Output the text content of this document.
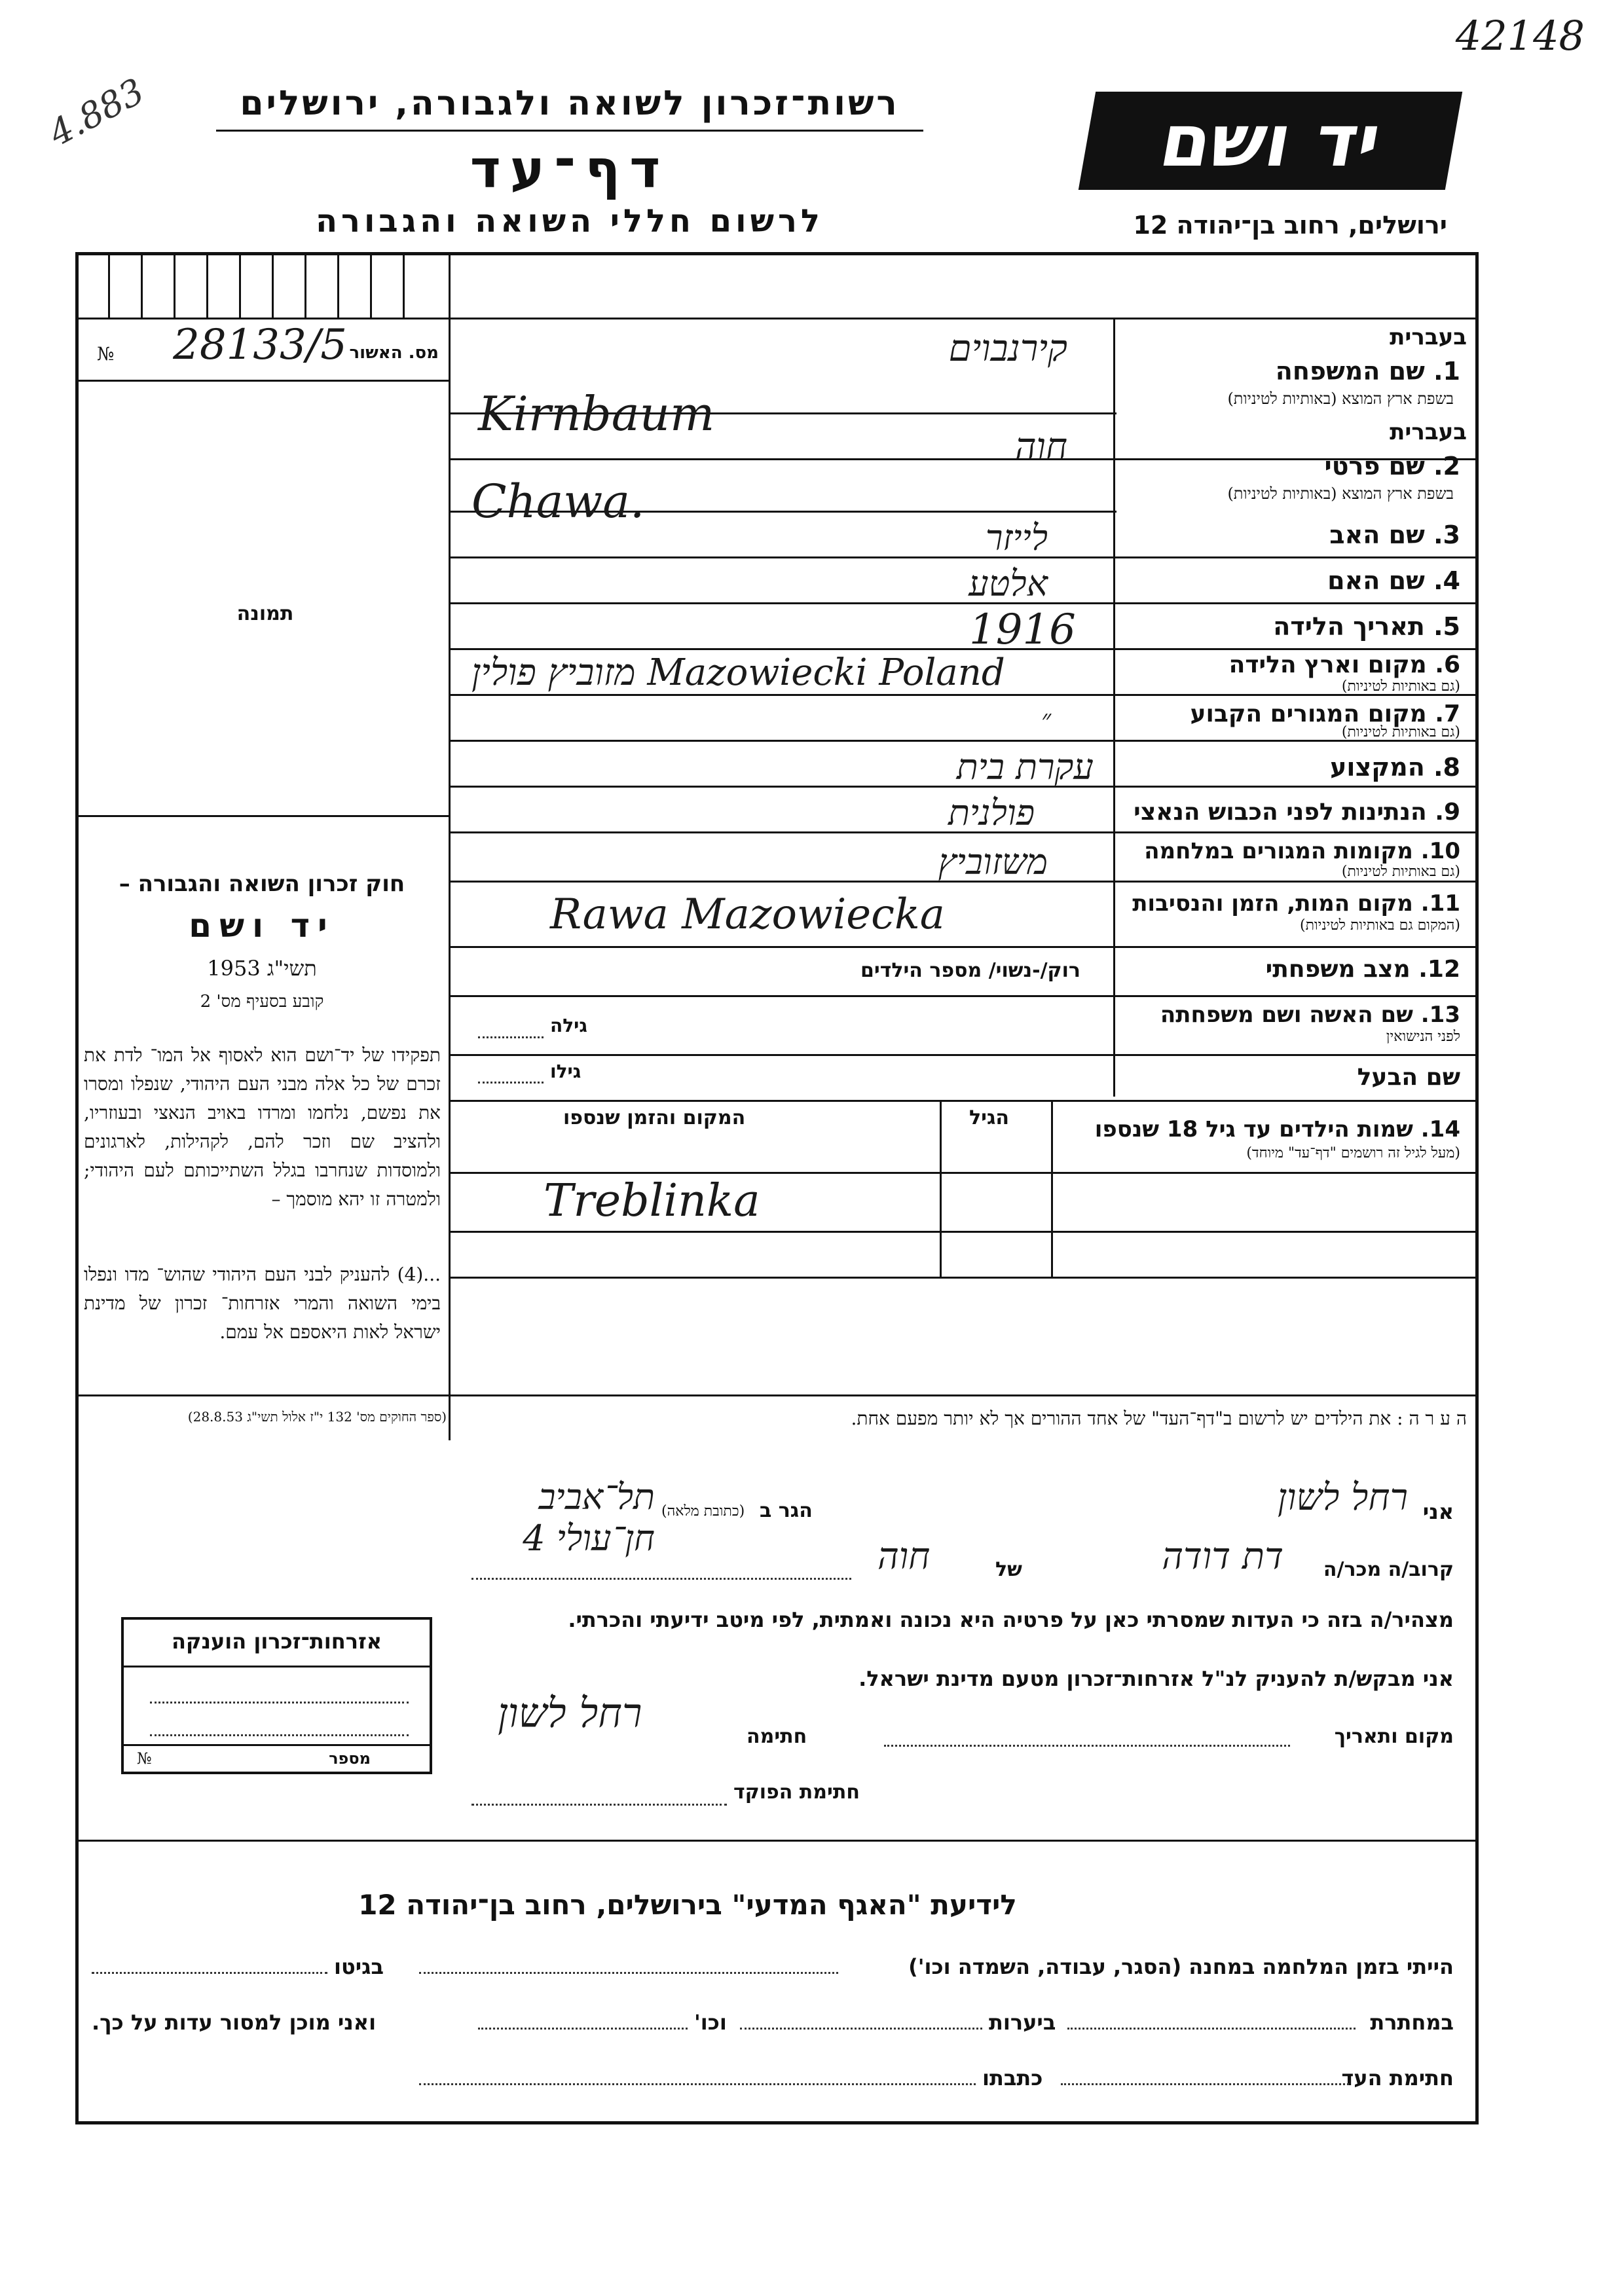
42148
4.883	רשות־זכרון לשואה ולגבורה, ירושלים
דף־עד
לרשום חללי השואה והגבורה
יד ושם
ירושלים, רחוב בן־יהודה 12
מס. האשור
28133/5
№
תמונה
חוק זכרון השואה והגבורה –
יד ושם
תשי"ג 1953
קובע בסעיף מס' 2
תפקידו של יד־ושם הוא לאסוף אל המו־ לדת את זכרם של כל אלה מבני העם היהודי, שנפלו ומסרו את נפשם, נלחמו ומרדו באויב הנאצי ובעוזריו, ולהציב שם וזכר להם, לקהילות, לארגונים ולמוסדות שנחרבו בגלל השתייכותם לעם היהודי; ולמטרה זו יהא מוסמך –
...(4) להעניק לבני העם היהודי שהוש־ מדו ונפלו בימי השואה והמרי אזרחות־ זכרון של מדינת ישראל לאות היאספם אל עמם.
(ספר החוקים מס' 132 י"ז אלול תשי"ג 28.8.53)
בעברית
1. שם המשפחה
בשפת ארץ המוצא (באותיות לטיניות)
קירנבוים
Kirnbaum	בעברית
2. שם פרטי
בשפת ארץ המוצא (באותיות לטיניות)
חוה
Chawa.
3. שם האב
לייזר
4. שם האם
אלטע
5. תאריך הלידה
1916
6. מקום וארץ הלידה
(גם באותיות לטיניות)
מזוביץ פולין Mazowiecki Poland
7. מקום המגורים הקבוע
(גם באותיות לטיניות)
״
8. המקצוע
עקרת בית
9. הנתינות לפני הכבוש הנאצי
פולנית
10. מקומות המגורים במלחמה
(גם באותיות לטיניות)
משזוביץ
11. מקום המות, הזמן והנסיבות
(המקום גם באותיות לטיניות)
Rawa Mazowiecka
12. מצב משפחתי
רוק/-נשוי/ מספר הילדים
13. שם האשה ושם משפחתה
לפני הנישואין
גילה
שם הבעל
גילו
14. שמות הילדים עד גיל 18 שנספו
(מעל לגיל זה רושמים "דף־עד" מיוחד)
הגיל
המקום והזמן שנספו
Treblinka
ה ע ר ה : את הילדים יש לרשום ב"דף־העד" של אחד ההורים אך לא יותר מפעם אחת.
אני
רחל לשון
הגר ב
(כתובת מלאה)
תל־אביב חן־עולי 4
קרוב/ה מכר/ה
דת דודה
של
חוה
מצהיר/ה בזה כי העדות שמסרתי כאן על פרטיה היא נכונה ואמתית, לפי מיטב ידיעתי והכרתי.
אני מבקש/ת להעניק לנ"ל אזרחות־זכרון מטעם מדינת ישראל.
מקום ותאריך
חתימה
רחל לשון
חתימת הפוקד
אזרחות־זכרון הוענקה
מספר
№
לידיעת "האגף המדעי" בירושלים, רחוב בן־יהודה 12
הייתי בזמן המלחמה במחנה (הסגר, עבודה, השמדה וכו')
בגיטו
במחתרת
ביערות
וכו'
ואני מוכן למסור עדות על כך.
חתימת העד
כתבתו
